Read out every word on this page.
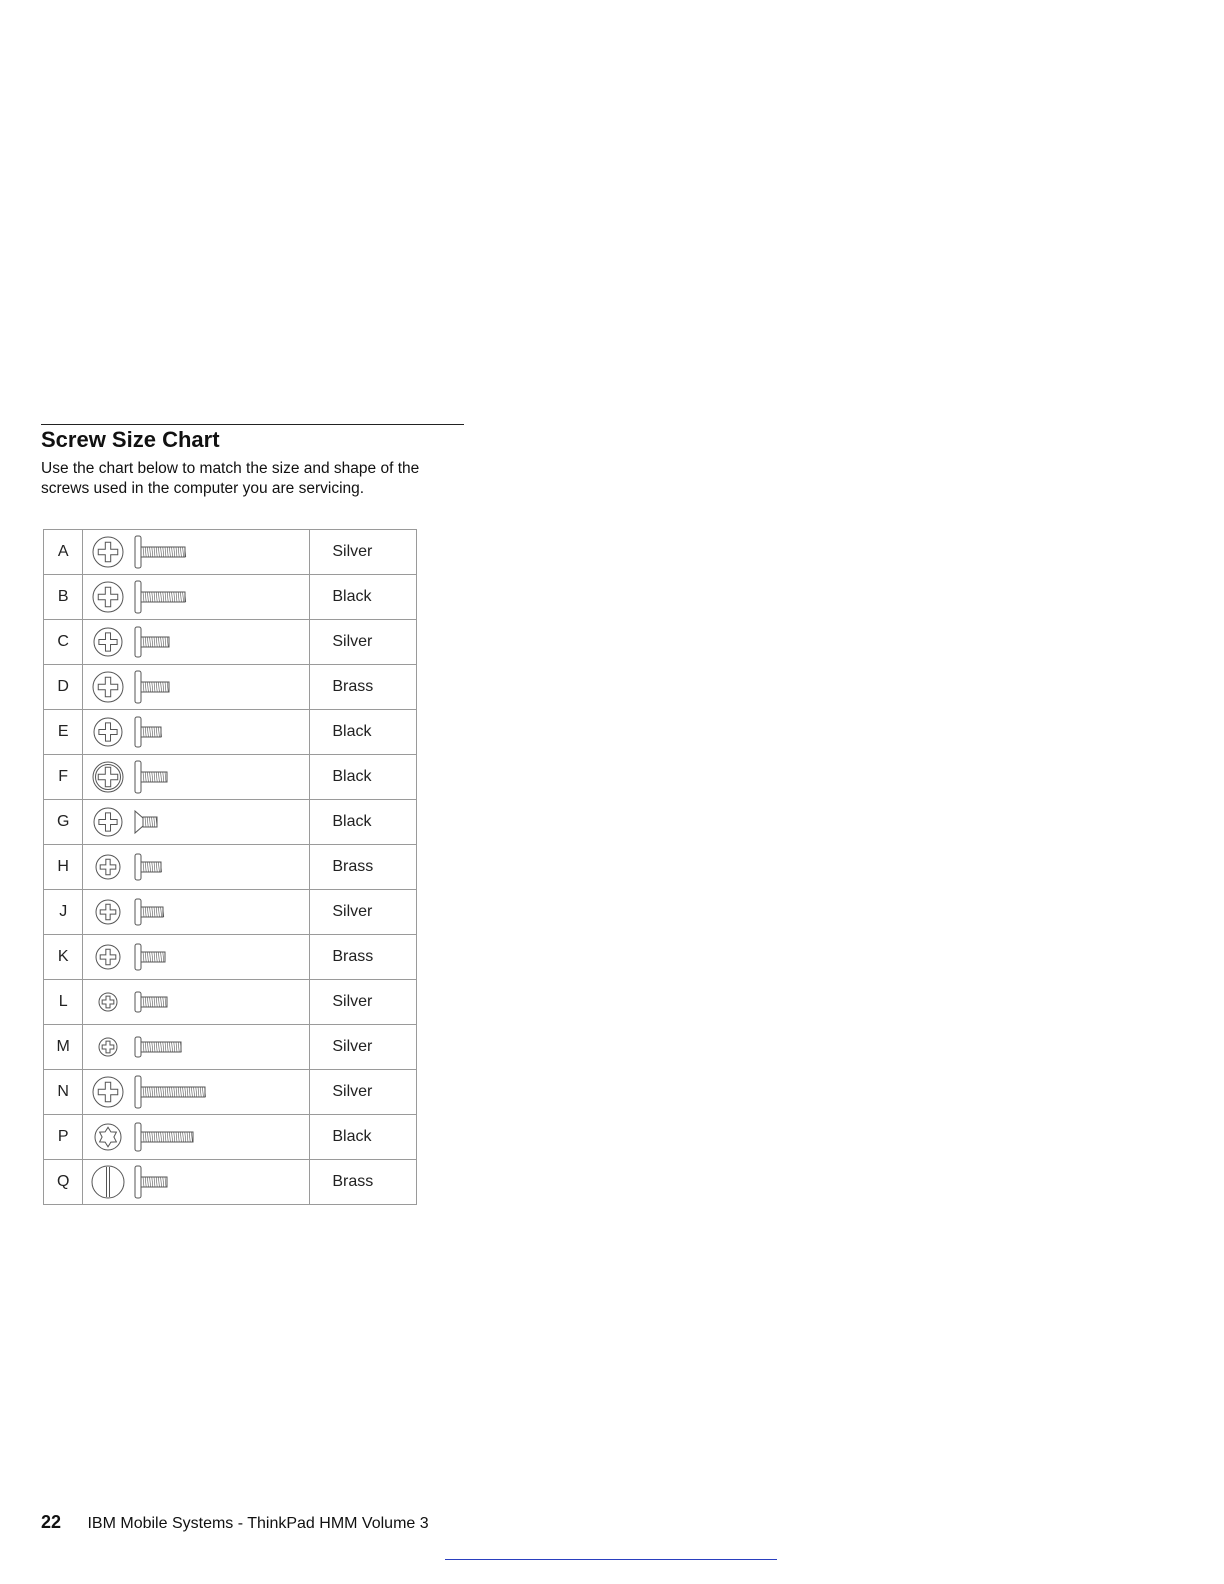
Screw Size Chart

Use the chart below to match the size and shape of the screws used in the computer you are servicing.

A		Silver
B		Black
C		Silver
D		Brass
E		Black
F		Black
G		Black
H		Brass
J		Silver
K		Brass
L		Silver
M		Silver
N		Silver
P		Black
Q		Brass
22 IBM Mobile Systems - ThinkPad HMM Volume 3
